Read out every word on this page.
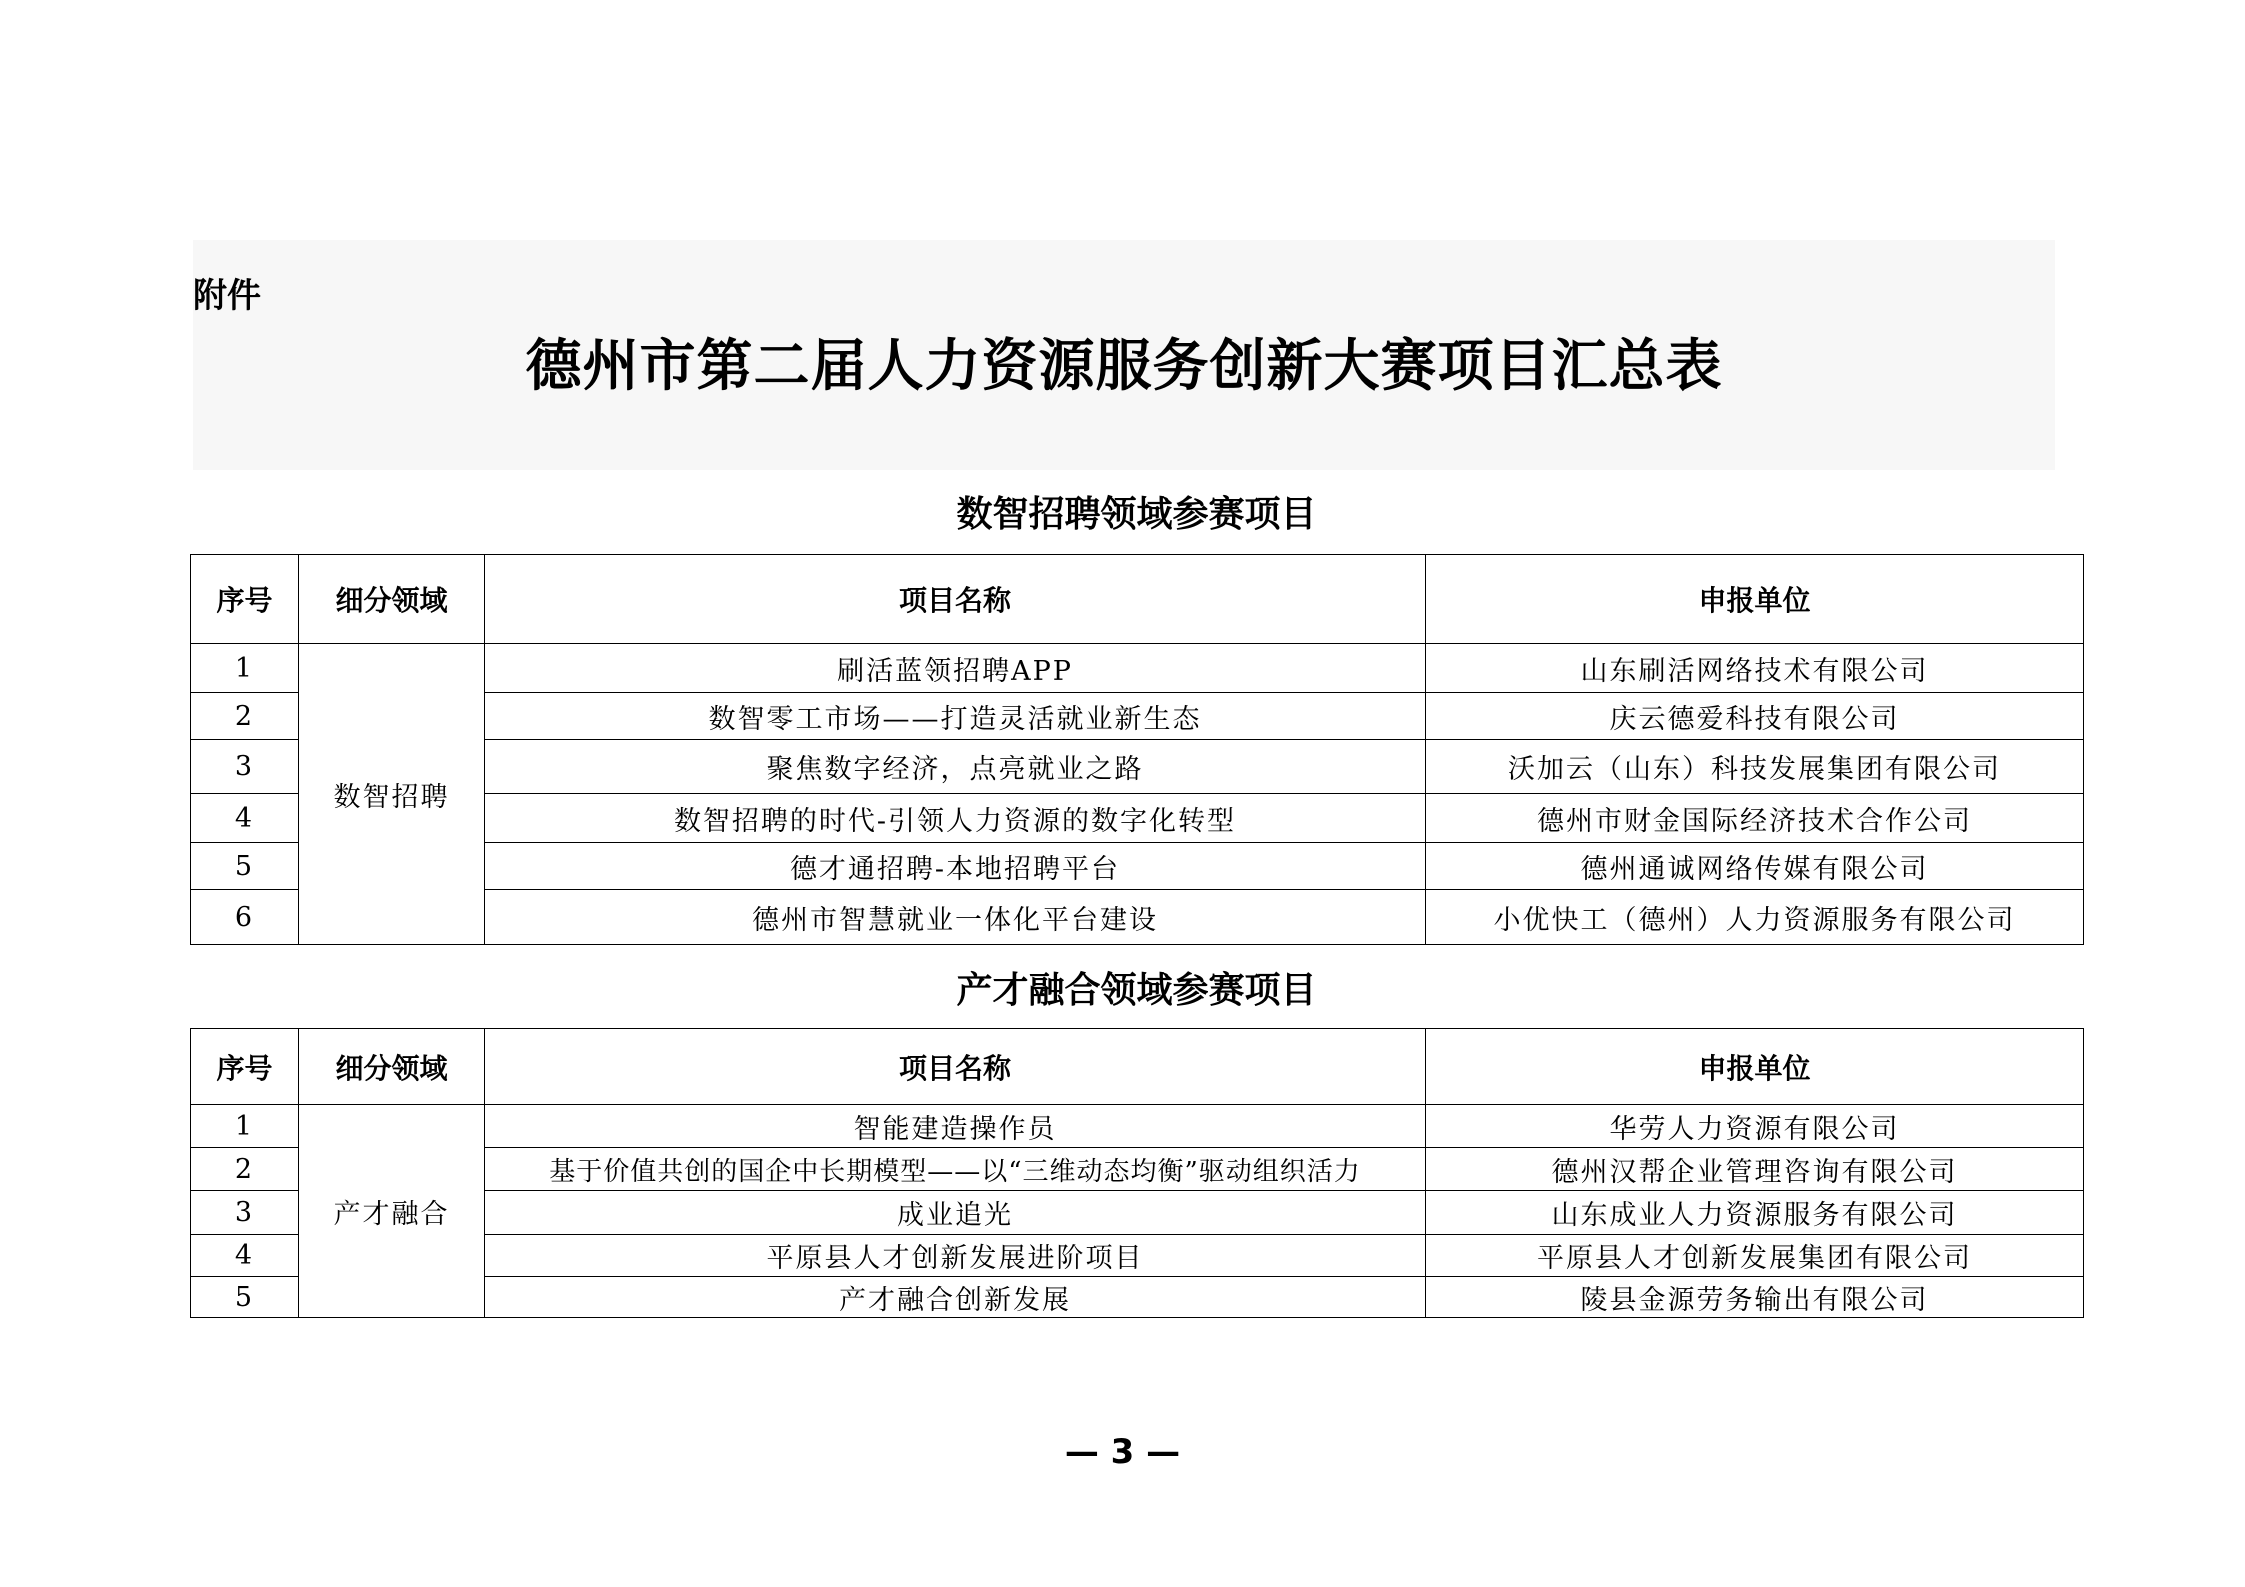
附件
德州市第二届人力资源服务创新大赛项目汇总表
数智招聘领域参赛项目
序号	细分领域	项目名称	申报单位
1	数智招聘	刷活蓝领招聘APP	山东刷活网络技术有限公司
2		数智零工市场——打造灵活就业新生态	庆云德爱科技有限公司
3		聚焦数字经济，点亮就业之路	沃加云（山东）科技发展集团有限公司
4		数智招聘的时代-引领人力资源的数字化转型	德州市财金国际经济技术合作公司
5		德才通招聘-本地招聘平台	德州通诚网络传媒有限公司
6		德州市智慧就业一体化平台建设	小优快工（德州）人力资源服务有限公司
产才融合领域参赛项目
序号	细分领域	项目名称	申报单位
1	产才融合	智能建造操作员	华劳人力资源有限公司
2		基于价值共创的国企中长期模型——以“三维动态均衡”驱动组织活力	德州汉帮企业管理咨询有限公司
3		成业追光	山东成业人力资源服务有限公司
4		平原县人才创新发展进阶项目	平原县人才创新发展集团有限公司
5		产才融合创新发展	陵县金源劳务输出有限公司
— 3 —
